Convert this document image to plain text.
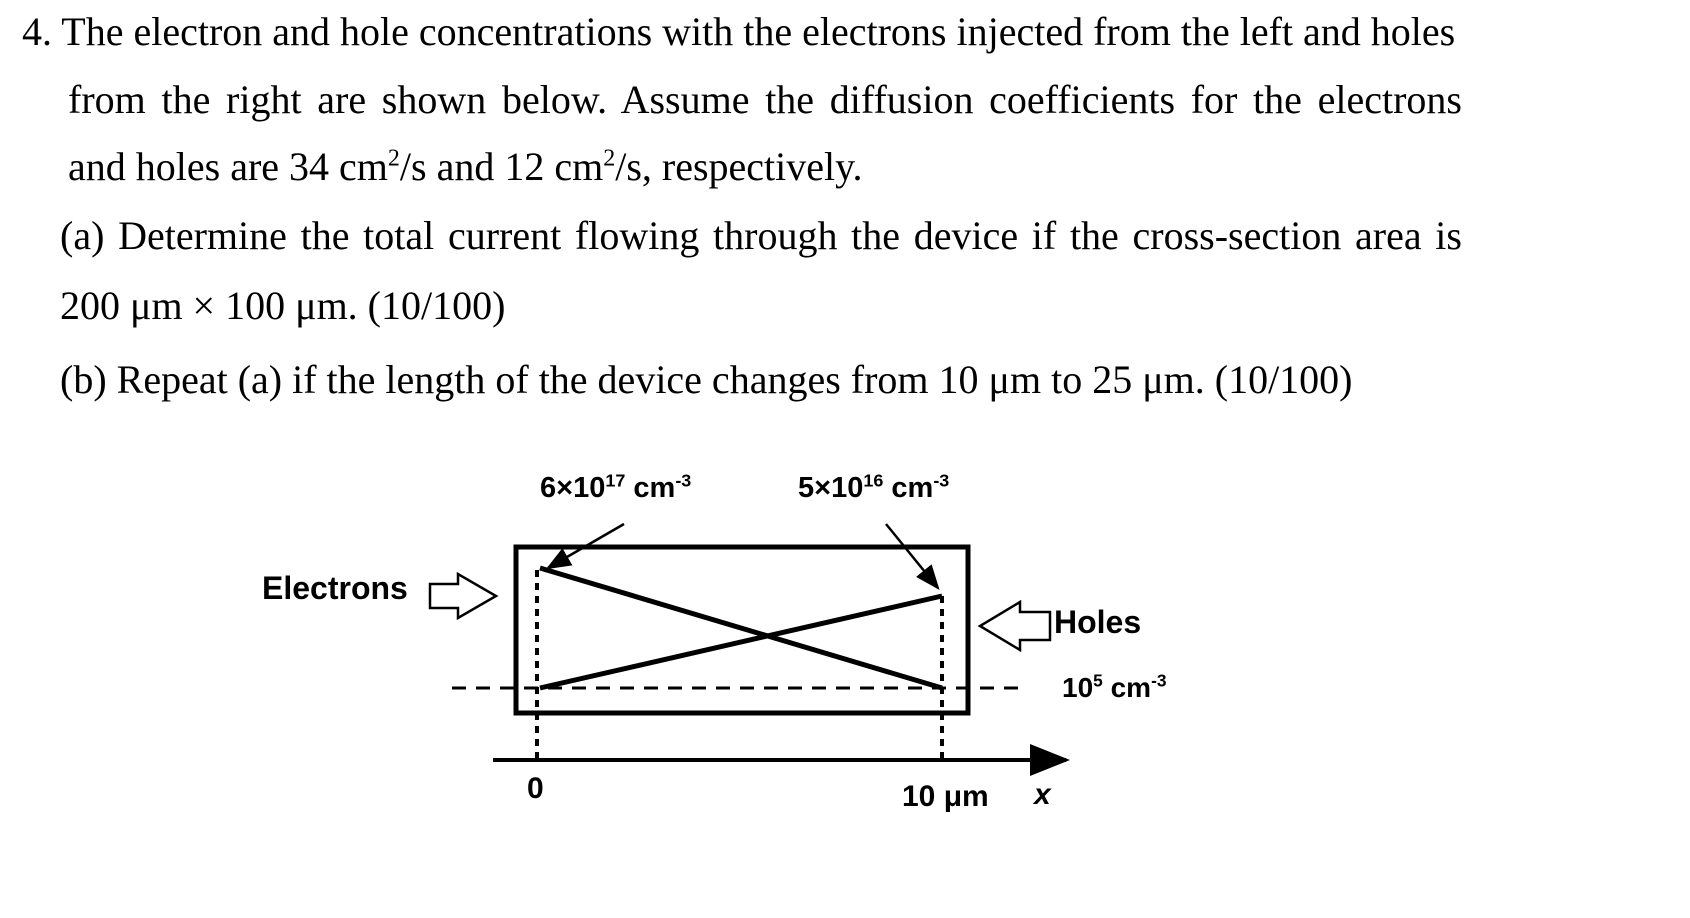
4. The electron and hole concentrations with the electrons injected from the left and holes
from the right are shown below. Assume the diffusion coefficients for the electrons
and holes are 34 $cm^2/s$ and 12 $cm^2/s$, respectively.
(a) Determine the total current flowing through the device if the cross-section area is
200 μm × 100 μm. (10/100)
(b) Repeat (a) if the length of the device changes from 10 μm to 25 μm. (10/100)
$6\times 10^{17}$ $cm^{-3}$	$5\times 10^{16}$ $cm^{-3}$
Electrons
Holes
$10^5$ $cm^{-3}$
0	10 μm x
